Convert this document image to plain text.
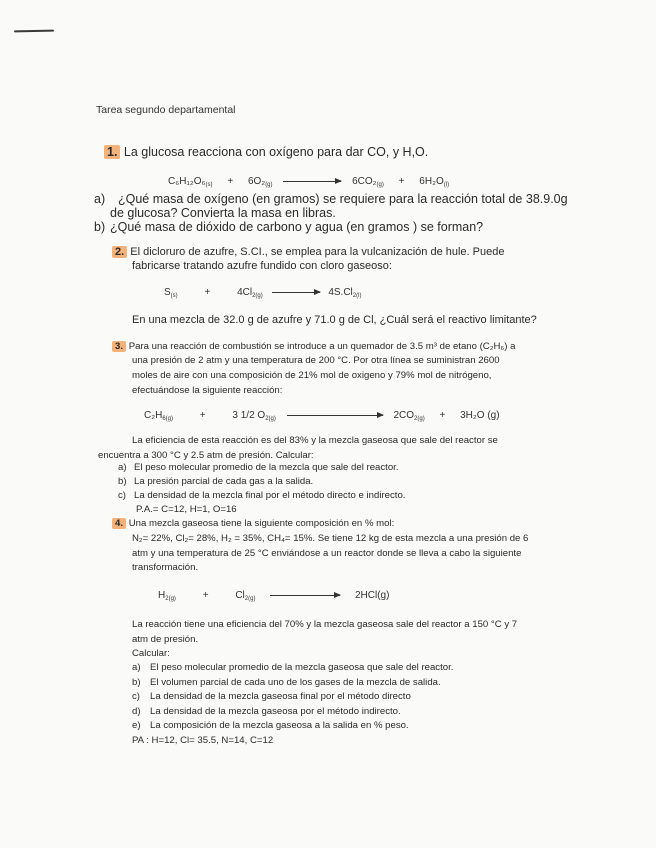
Tarea segundo departamental
1. La glucosa reacciona con oxígeno para dar CO, y H,O.
$C_6H_{12}O_6_{(s)} + 6O_2_{(g)}$	$6CO_2_{(g)} + 6H_2O_{(l)}$
a) ¿Qué masa de oxígeno (en gramos) se requiere para la reacción total de 38.9.0g
de glucosa? Convierta la masa en libras.
b) ¿Qué masa de dióxido de carbono y agua (en gramos ) se forman?
2. El dicloruro de azufre, S.CI., se emplea para la vulcanización de hule. Puede
fabricarse tratando azufre fundido con cloro gaseoso:
$S_{(s)}$	+	$4Cl_{2(g)}$	$4S.Cl_{2(l)}$
En una mezcla de 32.0 g de azufre y 71.0 g de Cl, ¿Cuál será el reactivo limitante?
3. Para una reacción de combustión se introduce a un quemador de 3.5 m³ de etano (C₂H₆) a
una presión de 2 atm y una temperatura de 200 °C. Por otra línea se suministran 2600
moles de aire con una composición de 21% mol de oxigeno y 79% mol de nitrógeno,
efectuándose la siguiente reacción:
$C_2H_{6(g)}$	+	3 1/2 $O_{2(g)}$	$2CO_{2(g)} + 3H_2O$ (g)
La eficiencia de esta reacción es del 83% y la mezcla gaseosa que sale del reactor se
encuentra a 300 °C y 2.5 atm de presión. Calcular:
a) El peso molecular promedio de la mezcla que sale del reactor.
b) La presión parcial de cada gas a la salida.
c) La densidad de la mezcla final por el método directo e indirecto.
P.A.= C=12, H=1, O=16
4. Una mezcla gaseosa tiene la siguiente composición en % mol:
N₂= 22%, Cl₂= 28%, H₂ = 35%, CH₄= 15%. Se tiene 12 kg de esta mezcla a una presión de 6
atm y una temperatura de 25 °C enviándose a un reactor donde se lleva a cabo la siguiente
transformación.
$H_{2(g)}$	+	$Cl_{2(g)}$	2HCl(g)
La reacción tiene una eficiencia del 70% y la mezcla gaseosa sale del reactor a 150 °C y 7
atm de presión.
Calcular:
a) El peso molecular promedio de la mezcla gaseosa que sale del reactor.
b) El volumen parcial de cada uno de los gases de la mezcla de salida.
c) La densidad de la mezcla gaseosa final por el método directo
d) La densidad de la mezcla gaseosa por el método indirecto.
e) La composición de la mezcla gaseosa a la salida en % peso.
PA : H=12, Cl= 35.5, N=14, C=12
